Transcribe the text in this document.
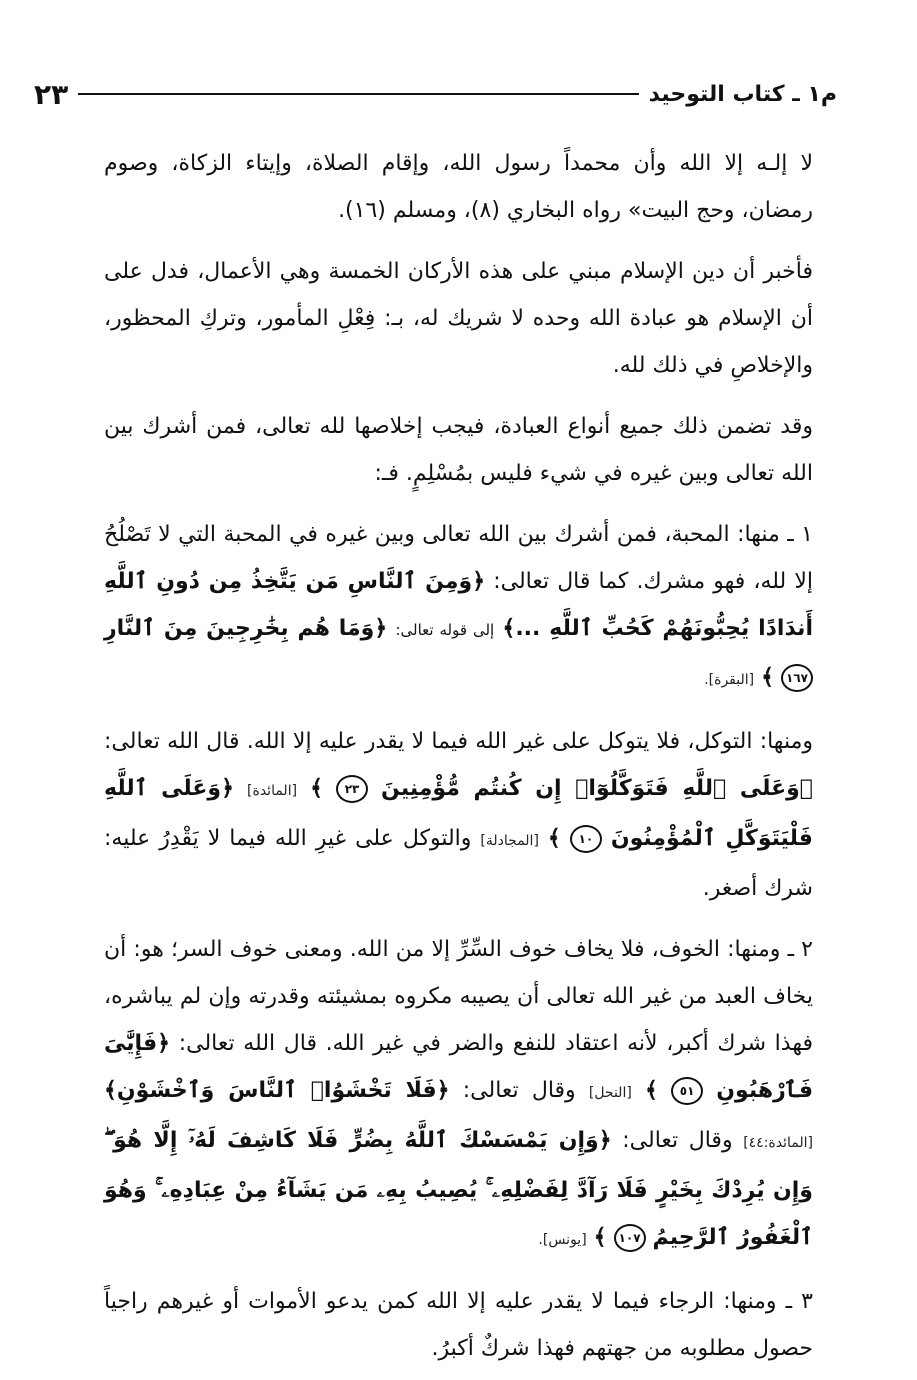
م١ ـ كتاب التوحيد
٢٣

لا إلـه إلا الله وأن محمداً رسول الله، وإقام الصلاة، وإيتاء الزكاة، وصوم رمضان، وحج البيت» رواه البخاري (٨)، ومسلم (١٦).

فأخبر أن دين الإسلام مبني على هذه الأركان الخمسة وهي الأعمال، فدل على أن الإسلام هو عبادة الله وحده لا شريك له، بـ: فِعْلِ المأمور، وتركِ المحظور، والإخلاصِ في ذلك لله.

وقد تضمن ذلك جميع أنواع العبادة، فيجب إخلاصها لله تعالى، فمن أشرك بين الله تعالى وبين غيره في شيء فليس بمُسْلِمٍ. فـ:

١ ـ منها: المحبة، فمن أشرك بين الله تعالى وبين غيره في المحبة التي لا تَصْلُحُ إلا لله، فهو مشرك. كما قال تعالى: ﴿وَمِنَ ٱلنَّاسِ مَن يَتَّخِذُ مِن دُونِ ٱللَّهِ أَندَادًا يُحِبُّونَهُمْ كَحُبِّ ٱللَّهِ ...﴾ إلى قوله تعالى: ﴿وَمَا هُم بِخَٰرِجِينَ مِنَ ٱلنَّارِ ١٦٧ ﴾ [البقرة].

ومنها: التوكل، فلا يتوكل على غير الله فيما لا يقدر عليه إلا الله. قال الله تعالى: ﴿وَعَلَى ٱللَّهِ فَتَوَكَّلُوٓا۟ إِن كُنتُم مُّؤْمِنِينَ ٢٣ ﴾ [المائدة] ﴿وَعَلَى ٱللَّهِ فَلْيَتَوَكَّلِ ٱلْمُؤْمِنُونَ ١٠ ﴾ [المجادلة] والتوكل على غيرِ الله فيما لا يَقْدِرُ عليه: شرك أصغر.

٢ ـ ومنها: الخوف، فلا يخاف خوف السِّرِّ إلا من الله. ومعنى خوف السر؛ هو: أن يخاف العبد من غير الله تعالى أن يصيبه مكروه بمشيئته وقدرته وإن لم يباشره، فهذا شرك أكبر، لأنه اعتقاد للنفع والضر في غير الله. قال الله تعالى: ﴿فَإِيَّٰىَ فَٱرْهَبُونِ ٥١ ﴾ [النحل] وقال تعالى: ﴿فَلَا تَخْشَوُا۟ ٱلنَّاسَ وَٱخْشَوْنِ﴾ [المائدة:٤٤] وقال تعالى: ﴿وَإِن يَمْسَسْكَ ٱللَّهُ بِضُرٍّ فَلَا كَاشِفَ لَهُۥٓ إِلَّا هُوَ ۖ وَإِن يُرِدْكَ بِخَيْرٍ فَلَا رَآدَّ لِفَضْلِهِۦ ۚ يُصِيبُ بِهِۦ مَن يَشَآءُ مِنْ عِبَادِهِۦ ۚ وَهُوَ ٱلْغَفُورُ ٱلرَّحِيمُ ١٠٧ ﴾ [يونس].

٣ ـ ومنها: الرجاء فيما لا يقدر عليه إلا الله كمن يدعو الأموات أو غيرهم راجياً حصول مطلوبه من جهتهم فهذا شركٌ أكبرُ.
